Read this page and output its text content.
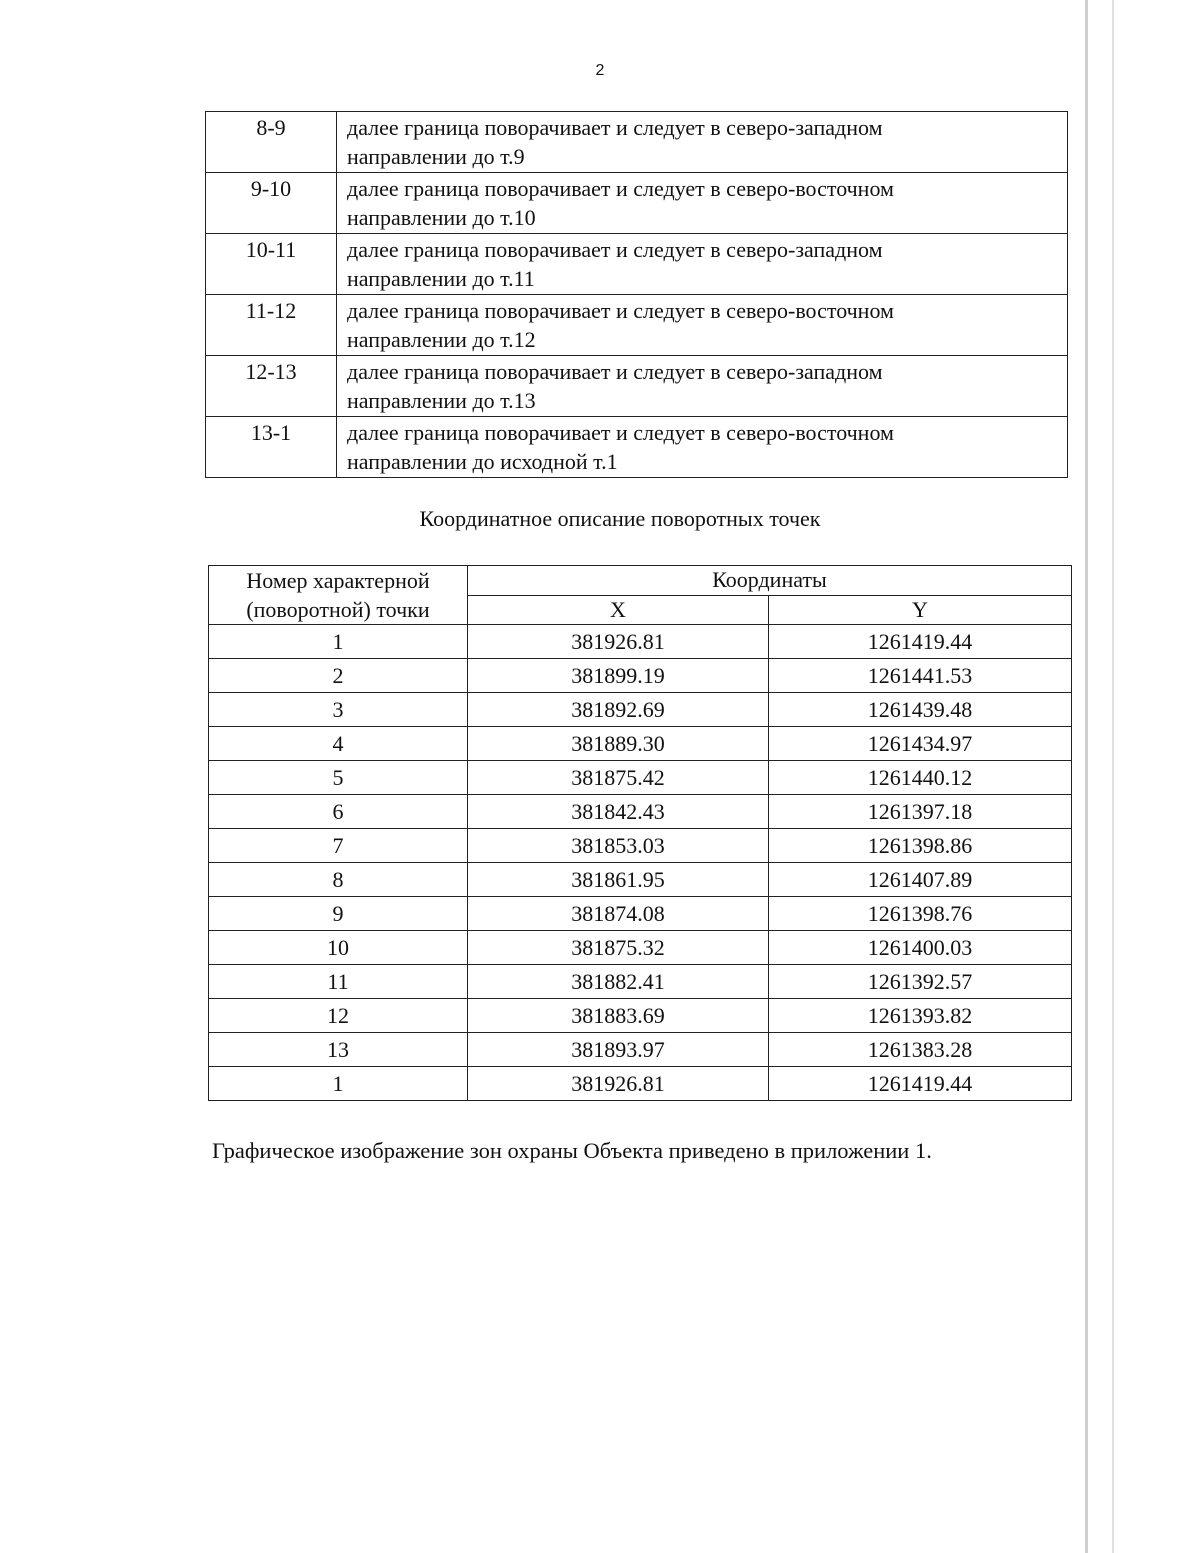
2
8-9	далее граница поворачивает и следует в северо-западном
направлении до т.9
9-10	далее граница поворачивает и следует в северо-восточном
направлении до т.10
10-11	далее граница поворачивает и следует в северо-западном
направлении до т.11
11-12	далее граница поворачивает и следует в северо-восточном
направлении до т.12
12-13	далее граница поворачивает и следует в северо-западном
направлении до т.13
13-1	далее граница поворачивает и следует в северо-восточном
направлении до исходной т.1
Координатное описание поворотных точек
Номер характерной
(поворотной) точки	Координаты	
	X	Y
1	381926.81	1261419.44
2	381899.19	1261441.53
3	381892.69	1261439.48
4	381889.30	1261434.97
5	381875.42	1261440.12
6	381842.43	1261397.18
7	381853.03	1261398.86
8	381861.95	1261407.89
9	381874.08	1261398.76
10	381875.32	1261400.03
11	381882.41	1261392.57
12	381883.69	1261393.82
13	381893.97	1261383.28
1	381926.81	1261419.44
Графическое изображение зон охраны Объекта приведено в приложении 1.
